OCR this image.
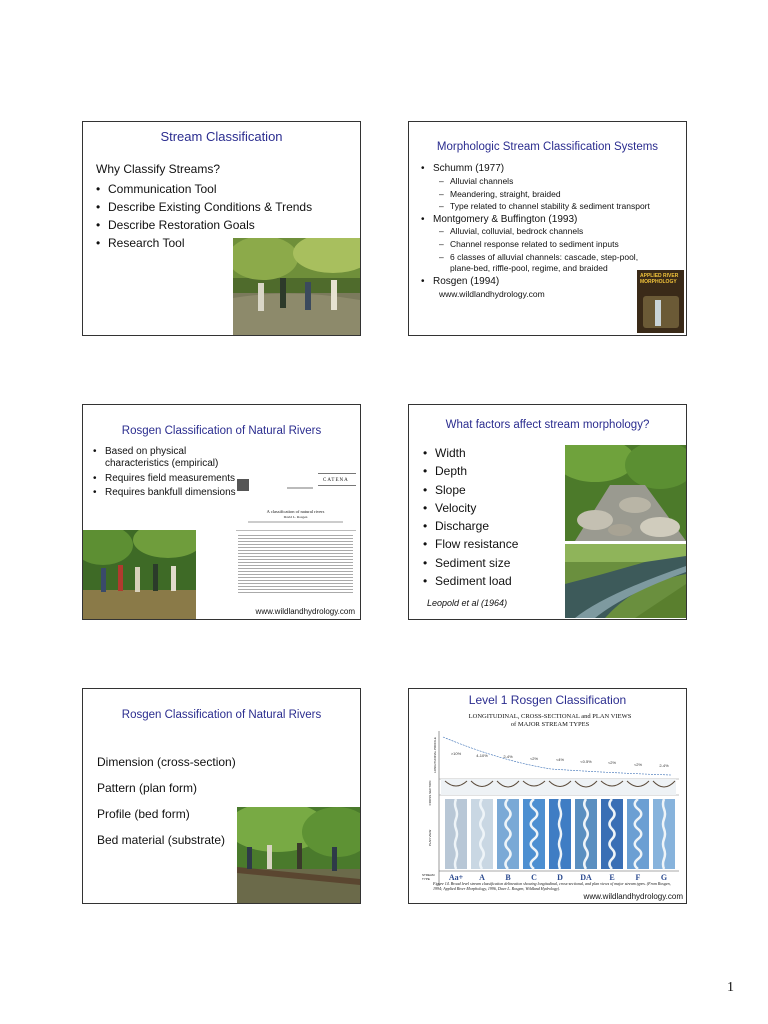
Stream Classification
Why Classify Streams?
• Communication Tool
• Describe Existing Conditions & Trends
• Describe Restoration Goals
• Research Tool
Morphologic Stream Classification Systems
• Schumm (1977)
– Alluvial channels
– Meandering, straight, braided
– Type related to channel stability & sediment transport
• Montgomery & Buffington (1993)
– Alluvial, colluvial, bedrock channels
– Channel response related to sediment inputs
– 6 classes of alluvial channels: cascade, step-pool, plane-bed, riffle-pool, regime, and braided
• Rosgen (1994)
www.wildlandhydrology.com
APPLIED RIVER MORPHOLOGY
Rosgen Classification of Natural Rivers
• Based on physical characteristics (empirical)
• Requires field measurements
• Requires bankfull dimensions
CATENA
A classification of natural rivers
David L. Rosgen
www.wildlandhydrology.com
What factors affect stream morphology?
• Width
• Depth
• Slope
• Velocity
• Discharge
• Flow resistance
• Sediment size
• Sediment load
Leopold et al (1964)
Rosgen Classification of Natural Rivers
Dimension (cross-section)
Pattern (plan form)
Profile (bed form)
Bed material (substrate)
Level 1 Rosgen Classification
LONGITUDINAL, CROSS-SECTIONAL and PLAN VIEWS
of MAJOR STREAM TYPES
LONGITUDINAL PROFILE
CROSS SECTION
PLAN VIEW
STREAM TYPE
>10%	4-10%	2-4%	<2%	<4%	<0.5%	<2%	<2%	2-4%
Aa+	A	B	C	D	DA	E	F	G
Figure 14. Broad level stream classification delineation showing longitudinal, cross-sectional, and plan views of major stream types. (From Rosgen, 1994; Applied River Morphology, 1996, Dave L. Rosgen, Wildland Hydrology).
www.wildlandhydrology.com
1
